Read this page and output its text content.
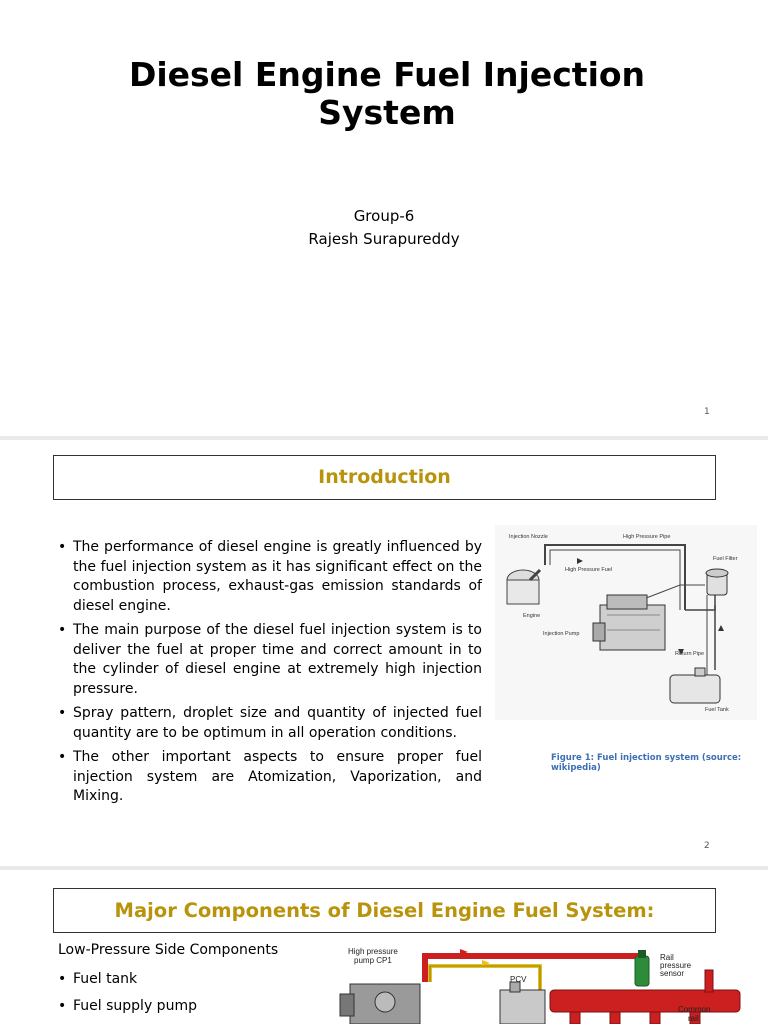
Diesel Engine Fuel Injection System
Group-6
Rajesh Surapureddy
1
Introduction
• The performance of diesel engine is greatly influenced by the fuel injection system as it has significant effect on the combustion process, exhaust-gas emission standards of diesel engine.
• The main purpose of the diesel fuel injection system is to deliver the fuel at proper time and correct amount in to the cylinder of diesel engine at extremely high injection pressure.
• Spray pattern, droplet size and quantity of injected fuel quantity are to be optimum in all operation conditions.
• The other important aspects to ensure proper fuel injection system are Atomization, Vaporization, and Mixing.
Injection Nozzle	High Pressure Pipe
High Pressure Fuel
Fuel Filter
Engine
Injection Pump
Return Pipe
Fuel Tank
Figure 1: Fuel injection system (source: wikipedia)
2
Major Components of Diesel Engine Fuel System:
Low-Pressure Side Components
• Fuel tank
• Fuel supply pump
High pressure
pump CP1
PCV
Rail
pressure
sensor
Common
rail
